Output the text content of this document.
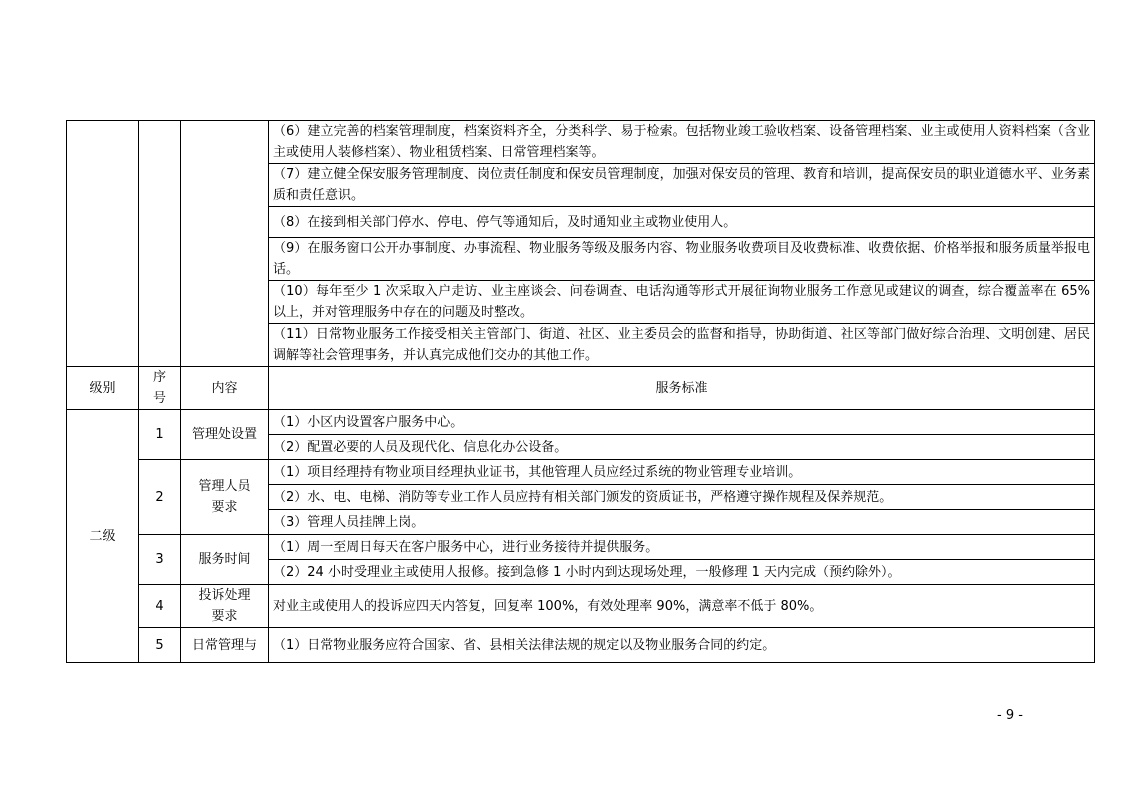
			（6）建立完善的档案管理制度，档案资料齐全，分类科学、易于检索。包括物业竣工验收档案、设备管理档案、业主或使用人资料档案（含业主或使用人装修档案）、物业租赁档案、日常管理档案等。
			（7）建立健全保安服务管理制度、岗位责任制度和保安员管理制度，加强对保安员的管理、教育和培训，提高保安员的职业道德水平、业务素质和责任意识。
			（8）在接到相关部门停水、停电、停气等通知后，及时通知业主或物业使用人。
			（9）在服务窗口公开办事制度、办事流程、物业服务等级及服务内容、物业服务收费项目及收费标准、收费依据、价格举报和服务质量举报电话。
			（10）每年至少 1 次采取入户走访、业主座谈会、问卷调查、电话沟通等形式开展征询物业服务工作意见或建议的调查，综合覆盖率在 65%以上，并对管理服务中存在的问题及时整改。
			（11）日常物业服务工作接受相关主管部门、街道、社区、业主委员会的监督和指导，协助街道、社区等部门做好综合治理、文明创建、居民调解等社会管理事务，并认真完成他们交办的其他工作。
级别	序号	内容	服务标准
二级	1	管理处设置	（1）小区内设置客户服务中心。
			（2）配置必要的人员及现代化、信息化办公设备。
	2	管理人员要求	（1）项目经理持有物业项目经理执业证书，其他管理人员应经过系统的物业管理专业培训。
			（2）水、电、电梯、消防等专业工作人员应持有相关部门颁发的资质证书，严格遵守操作规程及保养规范。
			（3）管理人员挂牌上岗。
	3	服务时间	（1）周一至周日每天在客户服务中心，进行业务接待并提供服务。
			（2）24 小时受理业主或使用人报修。接到急修 1 小时内到达现场处理，一般修理 1 天内完成（预约除外）。
	4	投诉处理要求	对业主或使用人的投诉应四天内答复，回复率 100%，有效处理率 90%，满意率不低于 80%。
	5	日常管理与	（1）日常物业服务应符合国家、省、县相关法律法规的规定以及物业服务合同的约定。
- 9 -
